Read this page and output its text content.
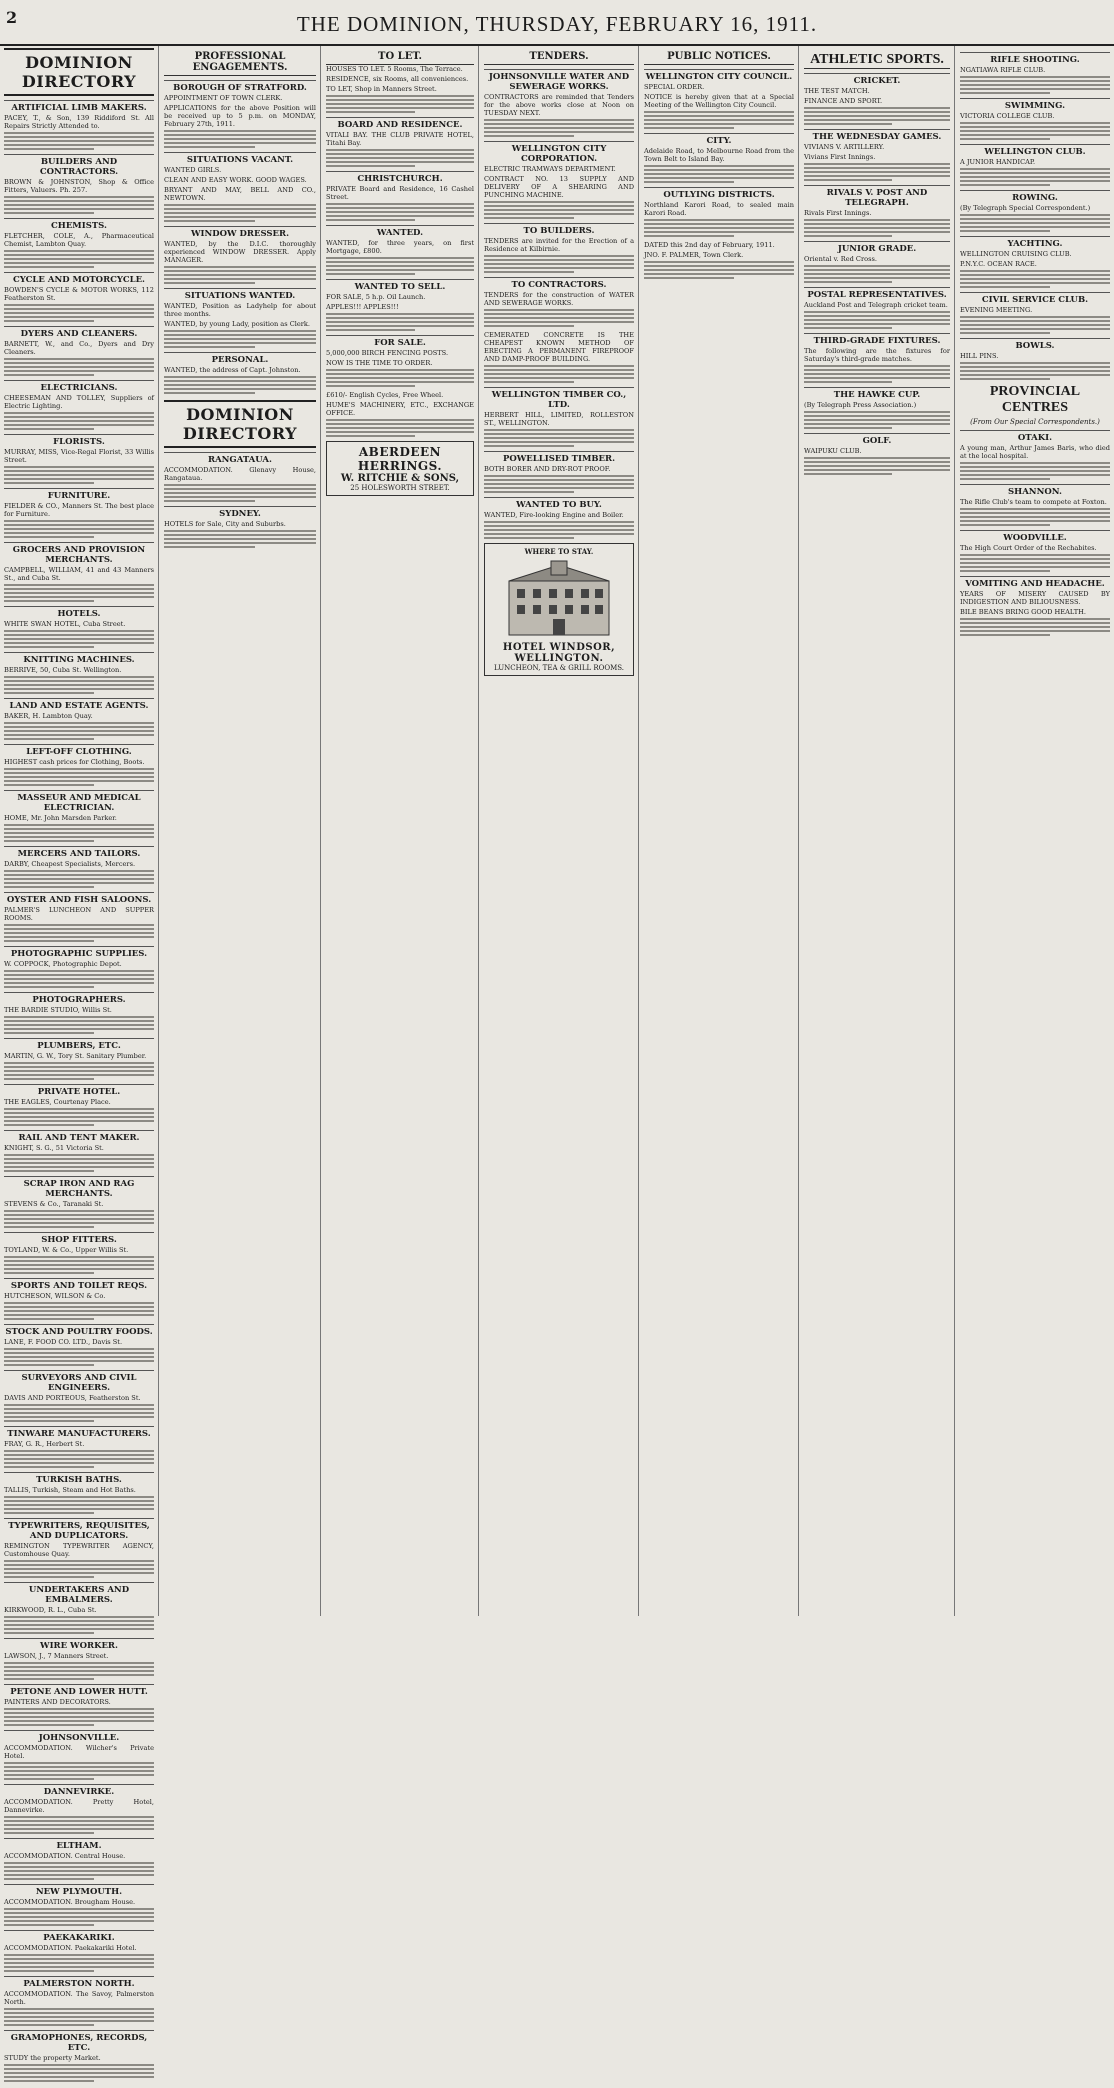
2	THE DOMINION, THURSDAY, FEBRUARY 16, 1911.
DOMINION DIRECTORY
ARTIFICIAL LIMB MAKERS.
PACEY, T., & Son, 139 Riddiford St. All Repairs Strictly Attended to.
BUILDERS AND CONTRACTORS.
BROWN & JOHNSTON, Shop & Office Fitters, Valuers. Ph. 257.
CHEMISTS.
FLETCHER, COLE, A., Pharmaceutical Chemist, Lambton Quay.
CYCLE AND MOTORCYCLE.
BOWDEN'S CYCLE & MOTOR WORKS, 112 Featherston St.
DYERS AND CLEANERS.
BARNETT, W., and Co., Dyers and Dry Cleaners.
ELECTRICIANS.
CHEESEMAN AND TOLLEY, Suppliers of Electric Lighting.
FLORISTS.
MURRAY, MISS, Vice-Regal Florist, 33 Willis Street.
FURNITURE.
FIELDER & CO., Manners St. The best place for Furniture.
GROCERS AND PROVISION MERCHANTS.
CAMPBELL, WILLIAM, 41 and 43 Manners St., and Cuba St.
HOTELS.
WHITE SWAN HOTEL, Cuba Street.
KNITTING MACHINES.
BERRIVE, 50, Cuba St. Wellington.
LAND AND ESTATE AGENTS.
BAKER, H. Lambton Quay.
LEFT-OFF CLOTHING.
HIGHEST cash prices for Clothing, Boots.
MASSEUR AND MEDICAL ELECTRICIAN.
HOME, Mr. John Marsden Parker.
MERCERS AND TAILORS.
DARBY, Cheapest Specialists, Mercers.
OYSTER AND FISH SALOONS.
PALMER'S LUNCHEON AND SUPPER ROOMS.
PHOTOGRAPHIC SUPPLIES.
W. COPPOCK, Photographic Depot.
PHOTOGRAPHERS.
THE BARDIE STUDIO, Willis St.
PLUMBERS, ETC.
MARTIN, G. W., Tory St. Sanitary Plumber.
PRIVATE HOTEL.
THE EAGLES, Courtenay Place.
RAIL AND TENT MAKER.
KNIGHT, S. G., 51 Victoria St.
SCRAP IRON AND RAG MERCHANTS.
STEVENS & Co., Taranaki St.
SHOP FITTERS.
TOYLAND, W. & Co., Upper Willis St.
SPORTS AND TOILET REQS.
HUTCHESON, WILSON & Co.
STOCK AND POULTRY FOODS.
LANE, F. FOOD CO. LTD., Davis St.
SURVEYORS AND CIVIL ENGINEERS.
DAVIS AND PORTEOUS, Featherston St.
TINWARE MANUFACTURERS.
FRAY, G. R., Herbert St.
TURKISH BATHS.
TALLIS, Turkish, Steam and Hot Baths.
TYPEWRITERS, REQUISITES, AND DUPLICATORS.
REMINGTON TYPEWRITER AGENCY, Customhouse Quay.
UNDERTAKERS AND EMBALMERS.
KIRKWOOD, R. L., Cuba St.
WIRE WORKER.
LAWSON, J., 7 Manners Street.
PETONE AND LOWER HUTT.
PAINTERS AND DECORATORS.
JOHNSONVILLE.
ACCOMMODATION. Wilcher's Private Hotel.
DANNEVIRKE.
ACCOMMODATION. Pretty Hotel, Dannevirke.
ELTHAM.
ACCOMMODATION. Central House.
NEW PLYMOUTH.
ACCOMMODATION. Brougham House.
PAEKAKARIKI.
ACCOMMODATION. Paekakariki Hotel.
PALMERSTON NORTH.
ACCOMMODATION. The Savoy, Palmerston North.
GRAMOPHONES, RECORDS, ETC.
STUDY the property Market.
PROFESSIONAL ENGAGEMENTS.
BOROUGH OF STRATFORD.
APPOINTMENT OF TOWN CLERK.
APPLICATIONS for the above Position will be received up to 5 p.m. on MONDAY, February 27th, 1911.
SITUATIONS VACANT.
WANTED GIRLS.
CLEAN AND EASY WORK. GOOD WAGES.
BRYANT AND MAY, BELL AND CO., NEWTOWN.
WINDOW DRESSER.
WANTED, by the D.I.C. thoroughly experienced WINDOW DRESSER. Apply MANAGER.
SITUATIONS WANTED.
WANTED, Position as Ladyhelp for about three months.
WANTED, by young Lady, position as Clerk.
PERSONAL.
WANTED, the address of Capt. Johnston.
DOMINION DIRECTORY
RANGATAUA.
ACCOMMODATION. Glenavy House, Rangataua.
SYDNEY.
HOTELS for Sale, City and Suburbs.
TO LET.
HOUSES TO LET. 5 Rooms, The Terrace.
RESIDENCE, six Rooms, all conveniences.
TO LET, Shop in Manners Street.
BOARD AND RESIDENCE.
VITALI BAY. THE CLUB PRIVATE HOTEL, Titahi Bay.
CHRISTCHURCH.
PRIVATE Board and Residence, 16 Cashel Street.
WANTED.
WANTED, for three years, on first Mortgage, £800.
WANTED TO SELL.
FOR SALE, 5 h.p. Oil Launch.
APPLES!!! APPLES!!!
FOR SALE.
5,000,000 BIRCH FENCING POSTS.
NOW IS THE TIME TO ORDER.
£610/- English Cycles, Free Wheel.
HUME'S MACHINERY, ETC., EXCHANGE OFFICE.
ABERDEEN HERRINGS.
W. RITCHIE & SONS,
25 HOLESWORTH STREET.
TENDERS.
JOHNSONVILLE WATER AND SEWERAGE WORKS.
CONTRACTORS are reminded that Tenders for the above works close at Noon on TUESDAY NEXT.
WELLINGTON CITY CORPORATION.
ELECTRIC TRAMWAYS DEPARTMENT.
CONTRACT NO. 13 SUPPLY AND DELIVERY OF A SHEARING AND PUNCHING MACHINE.
TO BUILDERS.
TENDERS are invited for the Erection of a Residence at Kilbirnie.
TO CONTRACTORS.
TENDERS for the construction of WATER AND SEWERAGE WORKS.
CEMERATED CONCRETE IS THE CHEAPEST KNOWN METHOD OF ERECTING A PERMANENT FIREPROOF AND DAMP-PROOF BUILDING.
WELLINGTON TIMBER CO., LTD.
HERBERT HILL, LIMITED, ROLLESTON ST., WELLINGTON.
POWELLISED TIMBER.
BOTH BORER AND DRY-ROT PROOF.
WANTED TO BUY.
WANTED, Fire-looking Engine and Boiler.
WHERE TO STAY.
HOTEL WINDSOR, WELLINGTON.
LUNCHEON, TEA & GRILL ROOMS.
PUBLIC NOTICES.
WELLINGTON CITY COUNCIL.
SPECIAL ORDER.
NOTICE is hereby given that at a Special Meeting of the Wellington City Council.
CITY.
Adelaide Road, to Melbourne Road from the Town Belt to Island Bay.
OUTLYING DISTRICTS.
Northland Karori Road, to sealed main Karori Road.
DATED this 2nd day of February, 1911.
JNO. F. PALMER, Town Clerk.
ATHLETIC SPORTS.
CRICKET.
THE TEST MATCH.
FINANCE AND SPORT.
THE WEDNESDAY GAMES.
VIVIANS V. ARTILLERY.
Vivians First Innings.
RIVALS V. POST AND TELEGRAPH.
Rivals First Innings.
JUNIOR GRADE.
Oriental v. Red Cross.
POSTAL REPRESENTATIVES.
Auckland Post and Telegraph cricket team.
THIRD-GRADE FIXTURES.
The following are the fixtures for Saturday's third-grade matches.
THE HAWKE CUP.
(By Telegraph Press Association.)
GOLF.
WAIPUKU CLUB.
RIFLE SHOOTING.
NGATIAWA RIFLE CLUB.
SWIMMING.
VICTORIA COLLEGE CLUB.
WELLINGTON CLUB.
A JUNIOR HANDICAP.
ROWING.
(By Telegraph Special Correspondent.)
YACHTING.
WELLINGTON CRUISING CLUB.
P.N.Y.C. OCEAN RACE.
CIVIL SERVICE CLUB.
EVENING MEETING.
BOWLS.
HILL PINS.
PROVINCIAL CENTRES
(From Our Special Correspondents.)
OTAKI.
A young man, Arthur James Baris, who died at the local hospital.
SHANNON.
The Rifle Club's team to compete at Foxton.
WOODVILLE.
The High Court Order of the Rechabites.
VOMITING AND HEADACHE.
YEARS OF MISERY CAUSED BY INDIGESTION AND BILIOUSNESS.
BILE BEANS BRING GOOD HEALTH.
